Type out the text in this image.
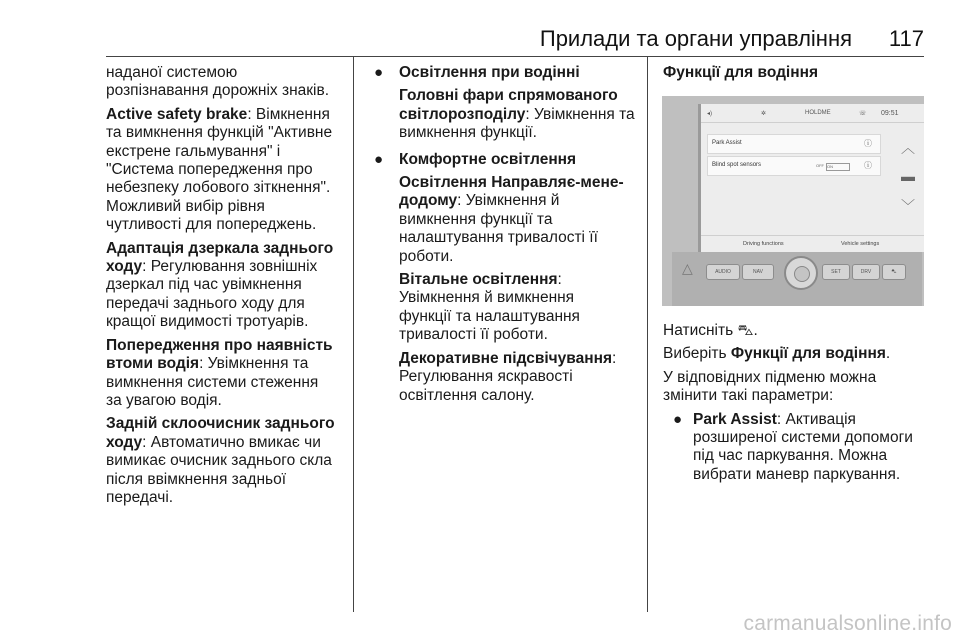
Прилади та органи управління 117

наданої системою
розпізнавання дорожніх знаків.

Active safety brake: Вімкнення
та вимкнення функцій "Активне
екстрене гальмування" і
"Система попередження про
небезпеку лобового зіткнення".
Можливий вибір рівня
чутливості для попереджень.

Адаптація дзеркала заднього
ходу: Регулювання зовнішніх
дзеркал під час увімкнення
передачі заднього ходу для
кращої видимості тротуарів.

Попередження про наявність
втоми водія: Увімкнення та
вимкнення системи стеження
за увагою водія.

Задній склоочисник заднього
ходу: Автоматично вмикає чи
вимикає очисник заднього скла
після ввімкнення задньої
передачі.

● Освітлення при водінні

Головні фари спрямованого
світлорозподілу: Увімкнення та
вимкнення функції.

● Комфортне освітлення

Освітлення Направляє-мене-
додому: Увімкнення й
вимкнення функції та
налаштування тривалості її
роботи.

Вітальне освітлення:
Увімкнення й вимкнення
функції та налаштування
тривалості її роботи.

Декоративне підсвічування:
Регулювання яскравості
освітлення салону.

Функції для водіння

◂)	✲	HOLDME	☏ 09:51
Park Assist	ⓘ
Blind spot sensors	OFF ON	ⓘ
︿
▬
﹀
Driving functions	Vehicle settings
△	AUDIO	NAV	SET	DRV	⛍

Натисніть ⛍.

Виберіть Функції для водіння.

У відповідних підменю можна
змінити такі параметри:

● Park Assist: Активація
розширеної системи допомоги
під час паркування. Можна
вибрати маневр паркування.

carmanualsonline.info
